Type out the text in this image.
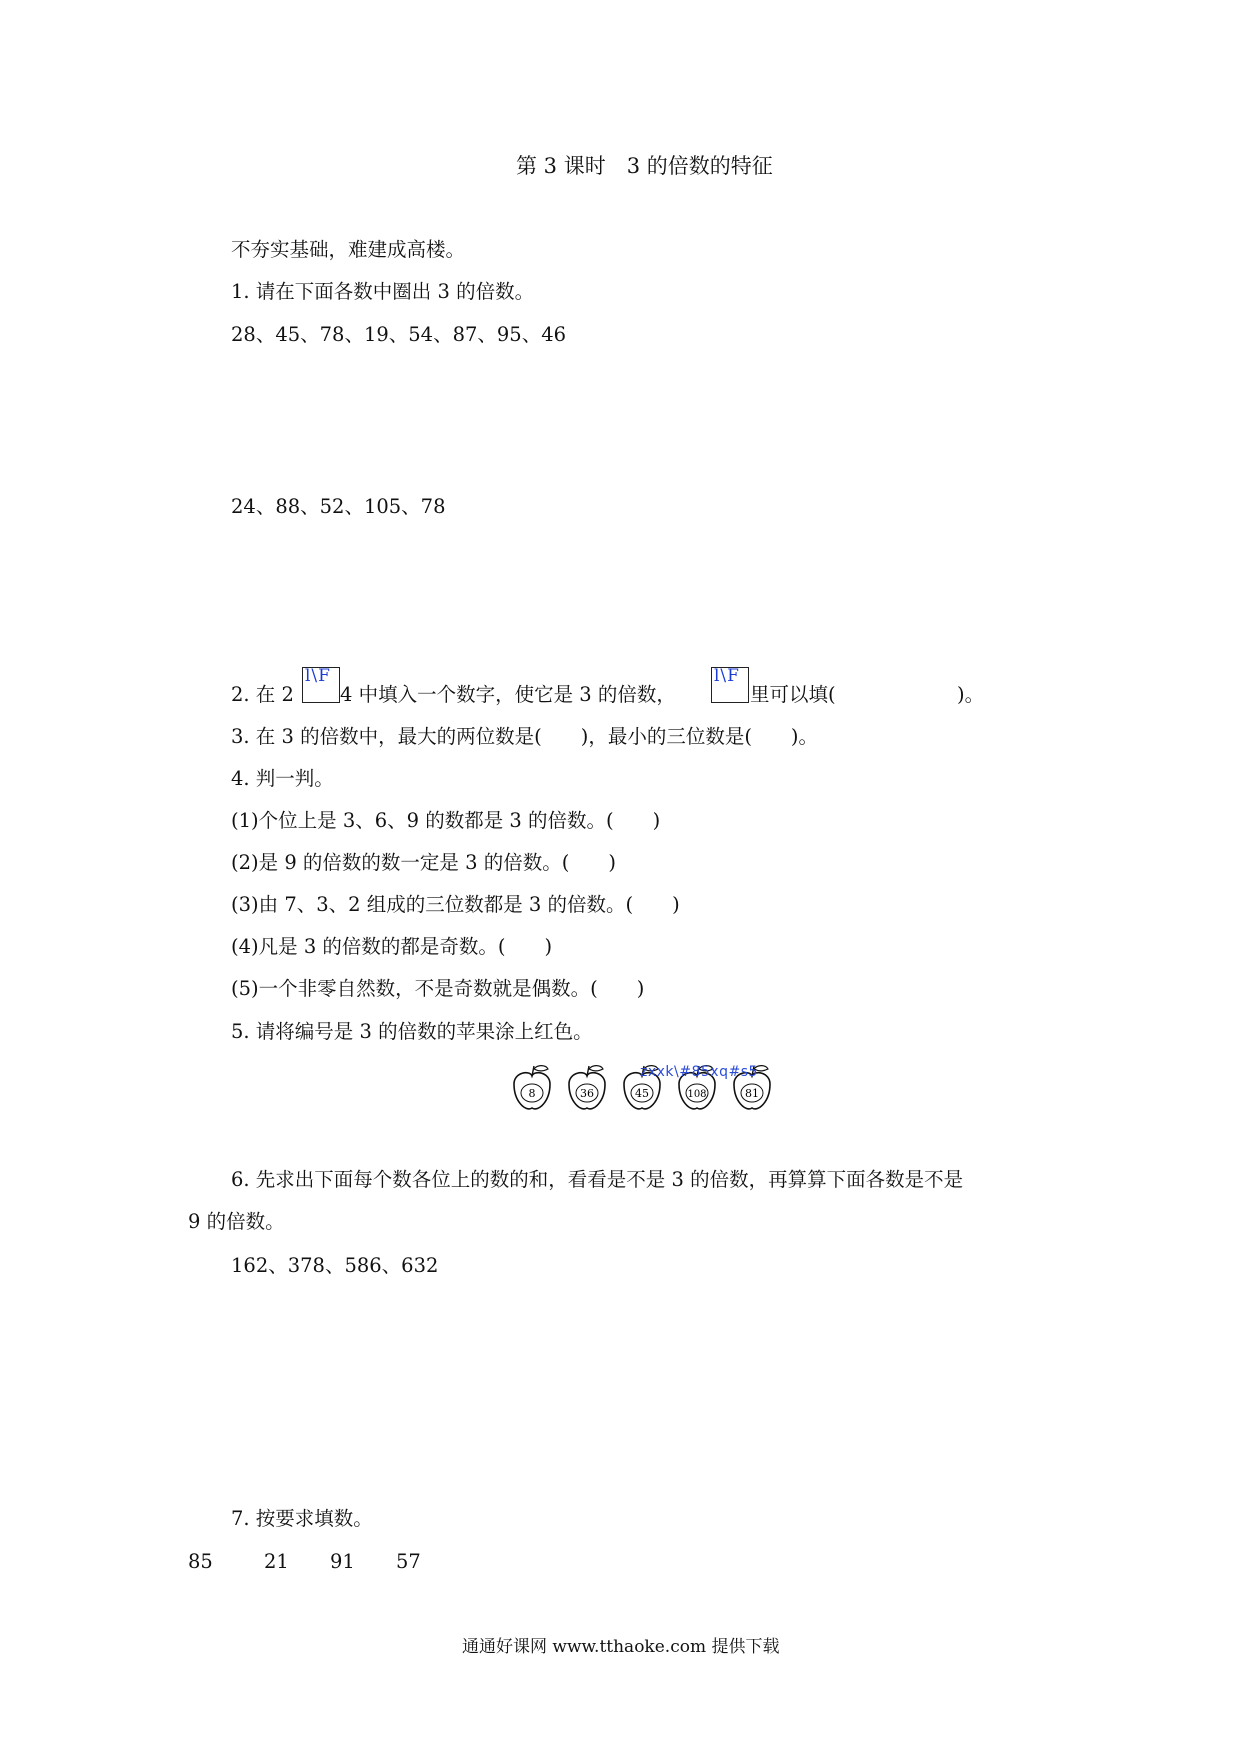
第 3 课时　3 的倍数的特征
不夯实基础，难建成高楼。
1. 请在下面各数中圈出 3 的倍数。
28、45、78、19、54、87、95、46
24、88、52、105、78
2. 在 2
l\F
4 中填入一个数字，使它是 3 的倍数，
l\F
里可以填(	)。
3. 在 3 的倍数中，最大的两位数是(　　)，最小的三位数是(　　)。
4. 判一判。
(1)个位上是 3、6、9 的数都是 3 的倍数。(　　)
(2)是 9 的倍数的数一定是 3 的倍数。(　　)
(3)由 7、3、2 组成的三位数都是 3 的倍数。(　　)
(4)凡是 3 的倍数的都是奇数。(　　)
(5)一个非零自然数，不是奇数就是偶数。(　　)
5. 请将编号是 3 的倍数的苹果涂上红色。
8	36	45	108	81
zxxk\#85xq#s5
6. 先求出下面每个数各位上的数的和，看看是不是 3 的倍数，再算算下面各数是不是
9 的倍数。
162、378、586、632
7. 按要求填数。
85	21 91 57
通通好课网 www.tthaoke.com 提供下载
